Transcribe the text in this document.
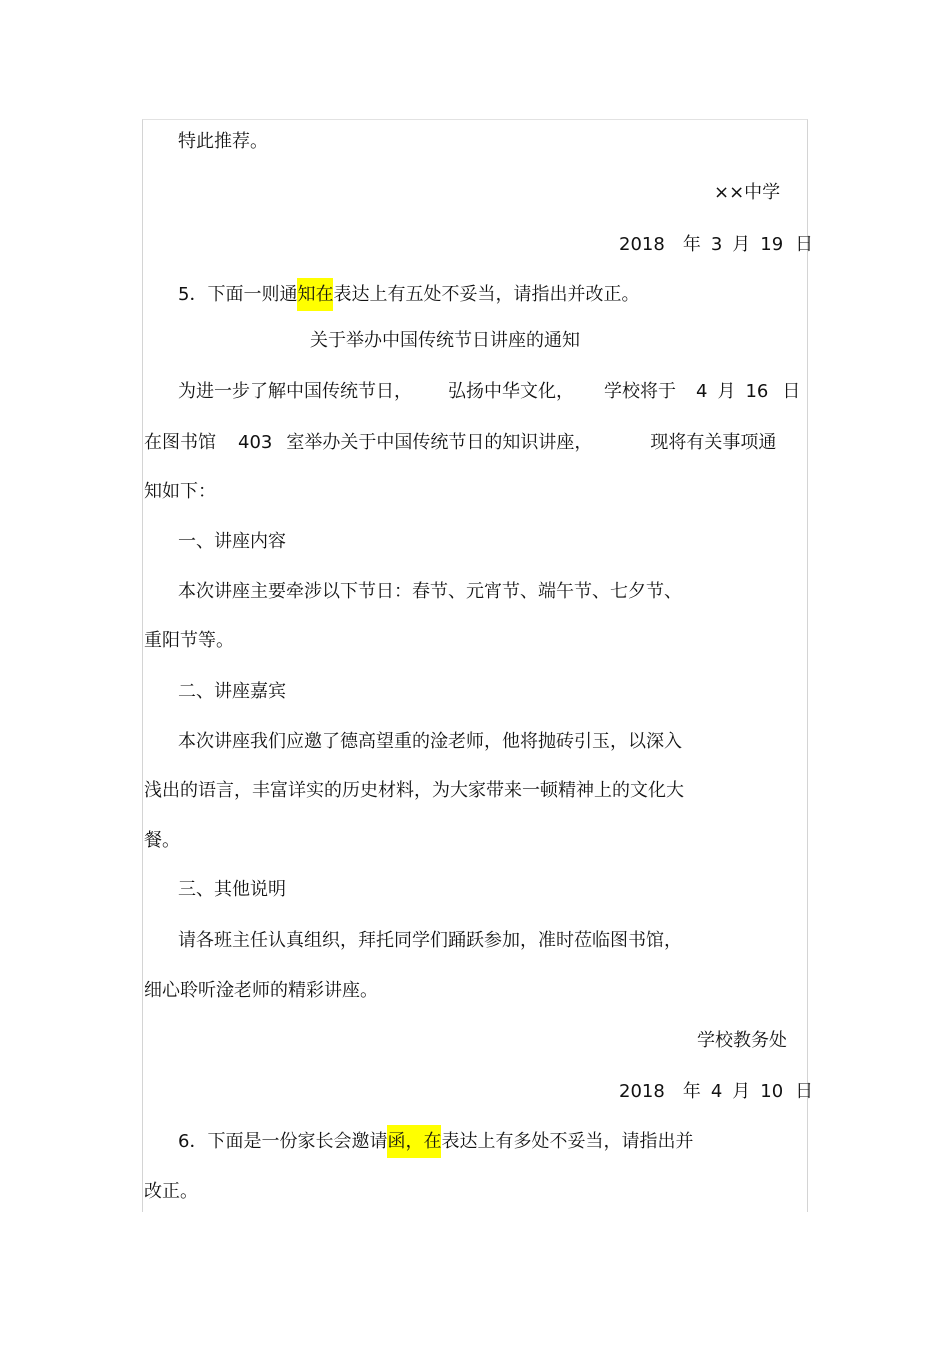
特此推荐。

××中学

2018 年 3 月 19 日

5．下面一则通知在表达上有五处不妥当，请指出并改正。

关于举办中国传统节日讲座的通知

为进一步了解中国传统节日， 弘扬中华文化， 学校将于 4 月 16 日

在图书馆 403 室举办关于中国传统节日的知识讲座，	现将有关事项通

知如下：

一、讲座内容

本次讲座主要牵涉以下节日：春节、元宵节、端午节、七夕节、

重阳节等。

二、讲座嘉宾

本次讲座我们应邀了德高望重的淦老师，他将抛砖引玉，以深入

浅出的语言，丰富详实的历史材料，为大家带来一顿精神上的文化大

餐。

三、其他说明

请各班主任认真组织，拜托同学们踊跃参加，准时莅临图书馆，

细心聆听淦老师的精彩讲座。

学校教务处

2018 年 4 月 10 日

6．下面是一份家长会邀请函，在表达上有多处不妥当，请指出并

改正。
